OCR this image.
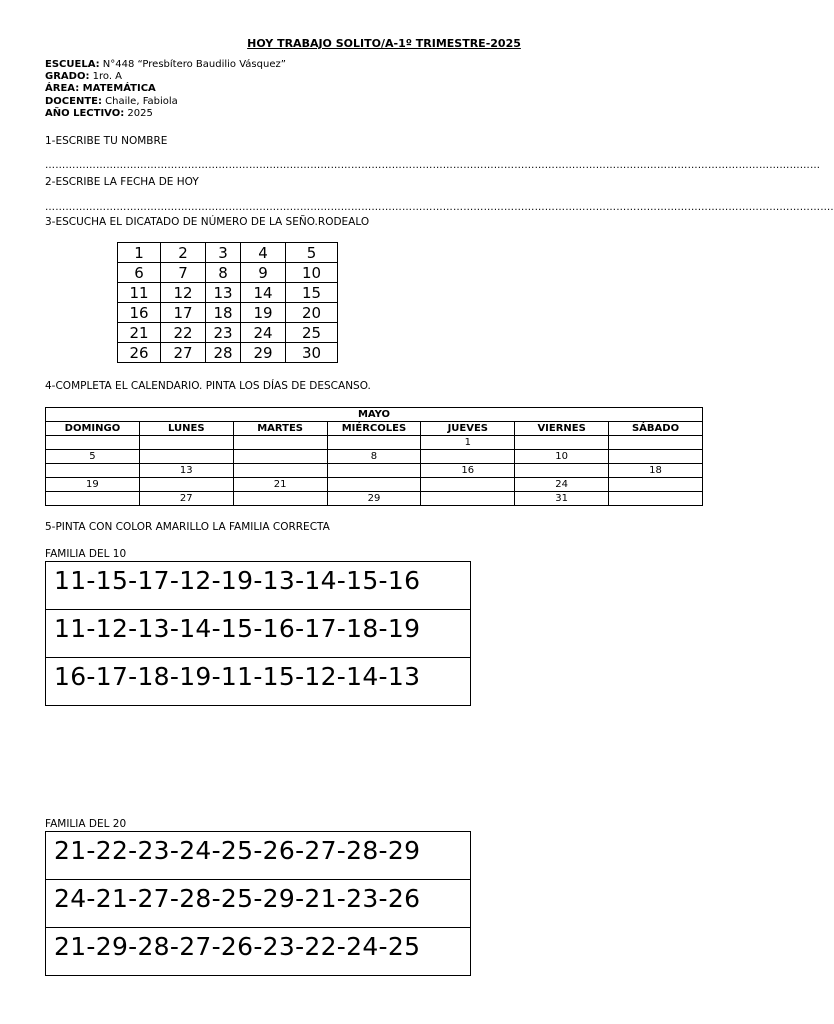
HOY TRABAJO SOLITO/A-1º TRIMESTRE-2025
ESCUELA: N°448 “Presbítero Baudilio Vásquez”
GRADO: 1ro. A
ÁREA: MATEMÁTICA
DOCENTE: Chaile, Fabiola
AÑO LECTIVO: 2025
1-ESCRIBE TU NOMBRE
…………………………………………………………………………………………………………………………………………………………………………………………………………
2-ESCRIBE LA FECHA DE HOY
…………………………………………………………………………………………………………………………………………………………………………………………………………….
3-ESCUCHA EL DICATADO DE NÚMERO DE LA SEÑO.RODEALO
1	2	3	4	5
6	7	8	9	10
11	12	13	14	15
16	17	18	19	20
21	22	23	24	25
26	27	28	29	30
4-COMPLETA EL CALENDARIO. PINTA LOS DÍAS DE DESCANSO.
MAYO						
DOMINGO	LUNES	MARTES	MIÉRCOLES	JUEVES	VIERNES	SÁBADO
				1		
5			8		10	
	13			16		18
19		21			24	
	27		29		31	
5-PINTA CON COLOR AMARILLO LA FAMILIA CORRECTA
FAMILIA DEL 10
11-15-17-12-19-13-14-15-16
11-12-13-14-15-16-17-18-19
16-17-18-19-11-15-12-14-13
FAMILIA DEL 20
21-22-23-24-25-26-27-28-29
24-21-27-28-25-29-21-23-26
21-29-28-27-26-23-22-24-25
